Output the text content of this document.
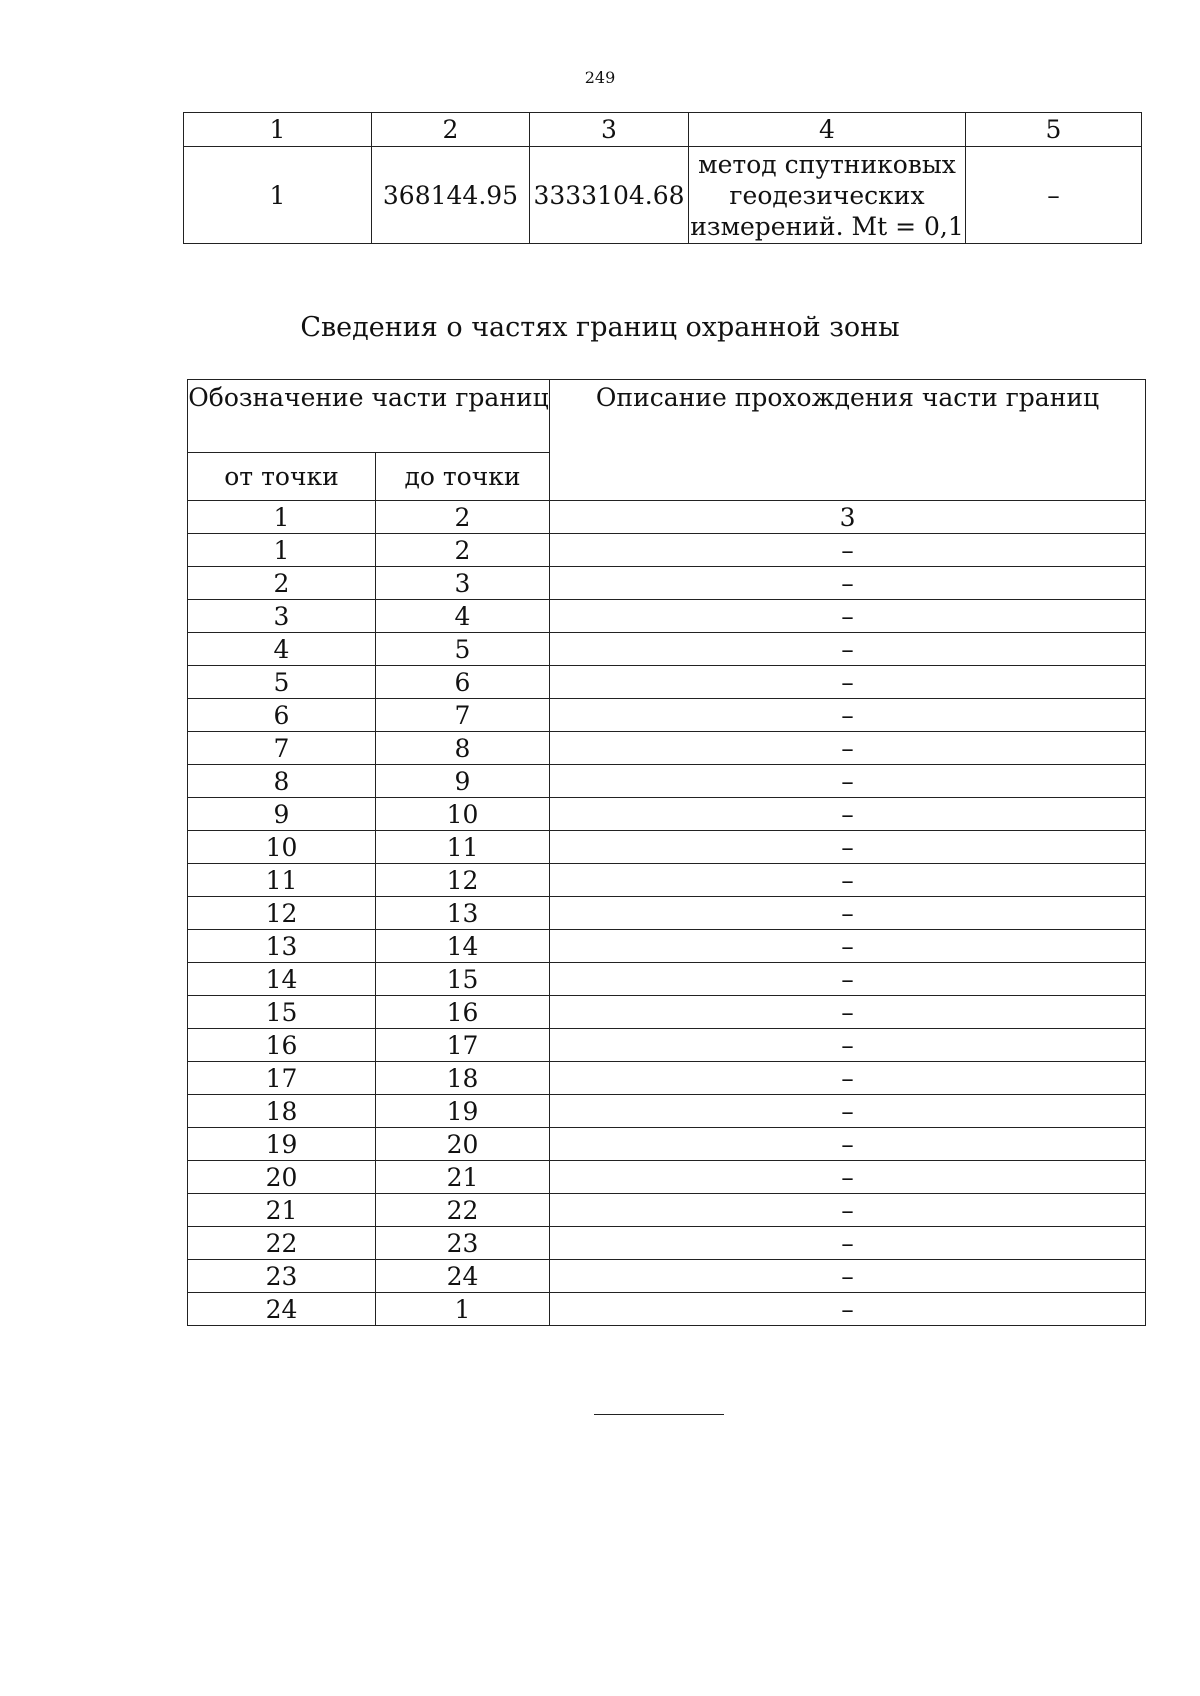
249
1	2	3	4	5
1	368144.95	3333104.68	метод спутниковых
геодезических
измерений. Mt = 0,1	–
Сведения о частях границ охранной зоны
Обозначение части границ		Описание прохождения части границ
от точки	до точки	
1	2	3
1	2	–
2	3	–
3	4	–
4	5	–
5	6	–
6	7	–
7	8	–
8	9	–
9	10	–
10	11	–
11	12	–
12	13	–
13	14	–
14	15	–
15	16	–
16	17	–
17	18	–
18	19	–
19	20	–
20	21	–
21	22	–
22	23	–
23	24	–
24	1	–
